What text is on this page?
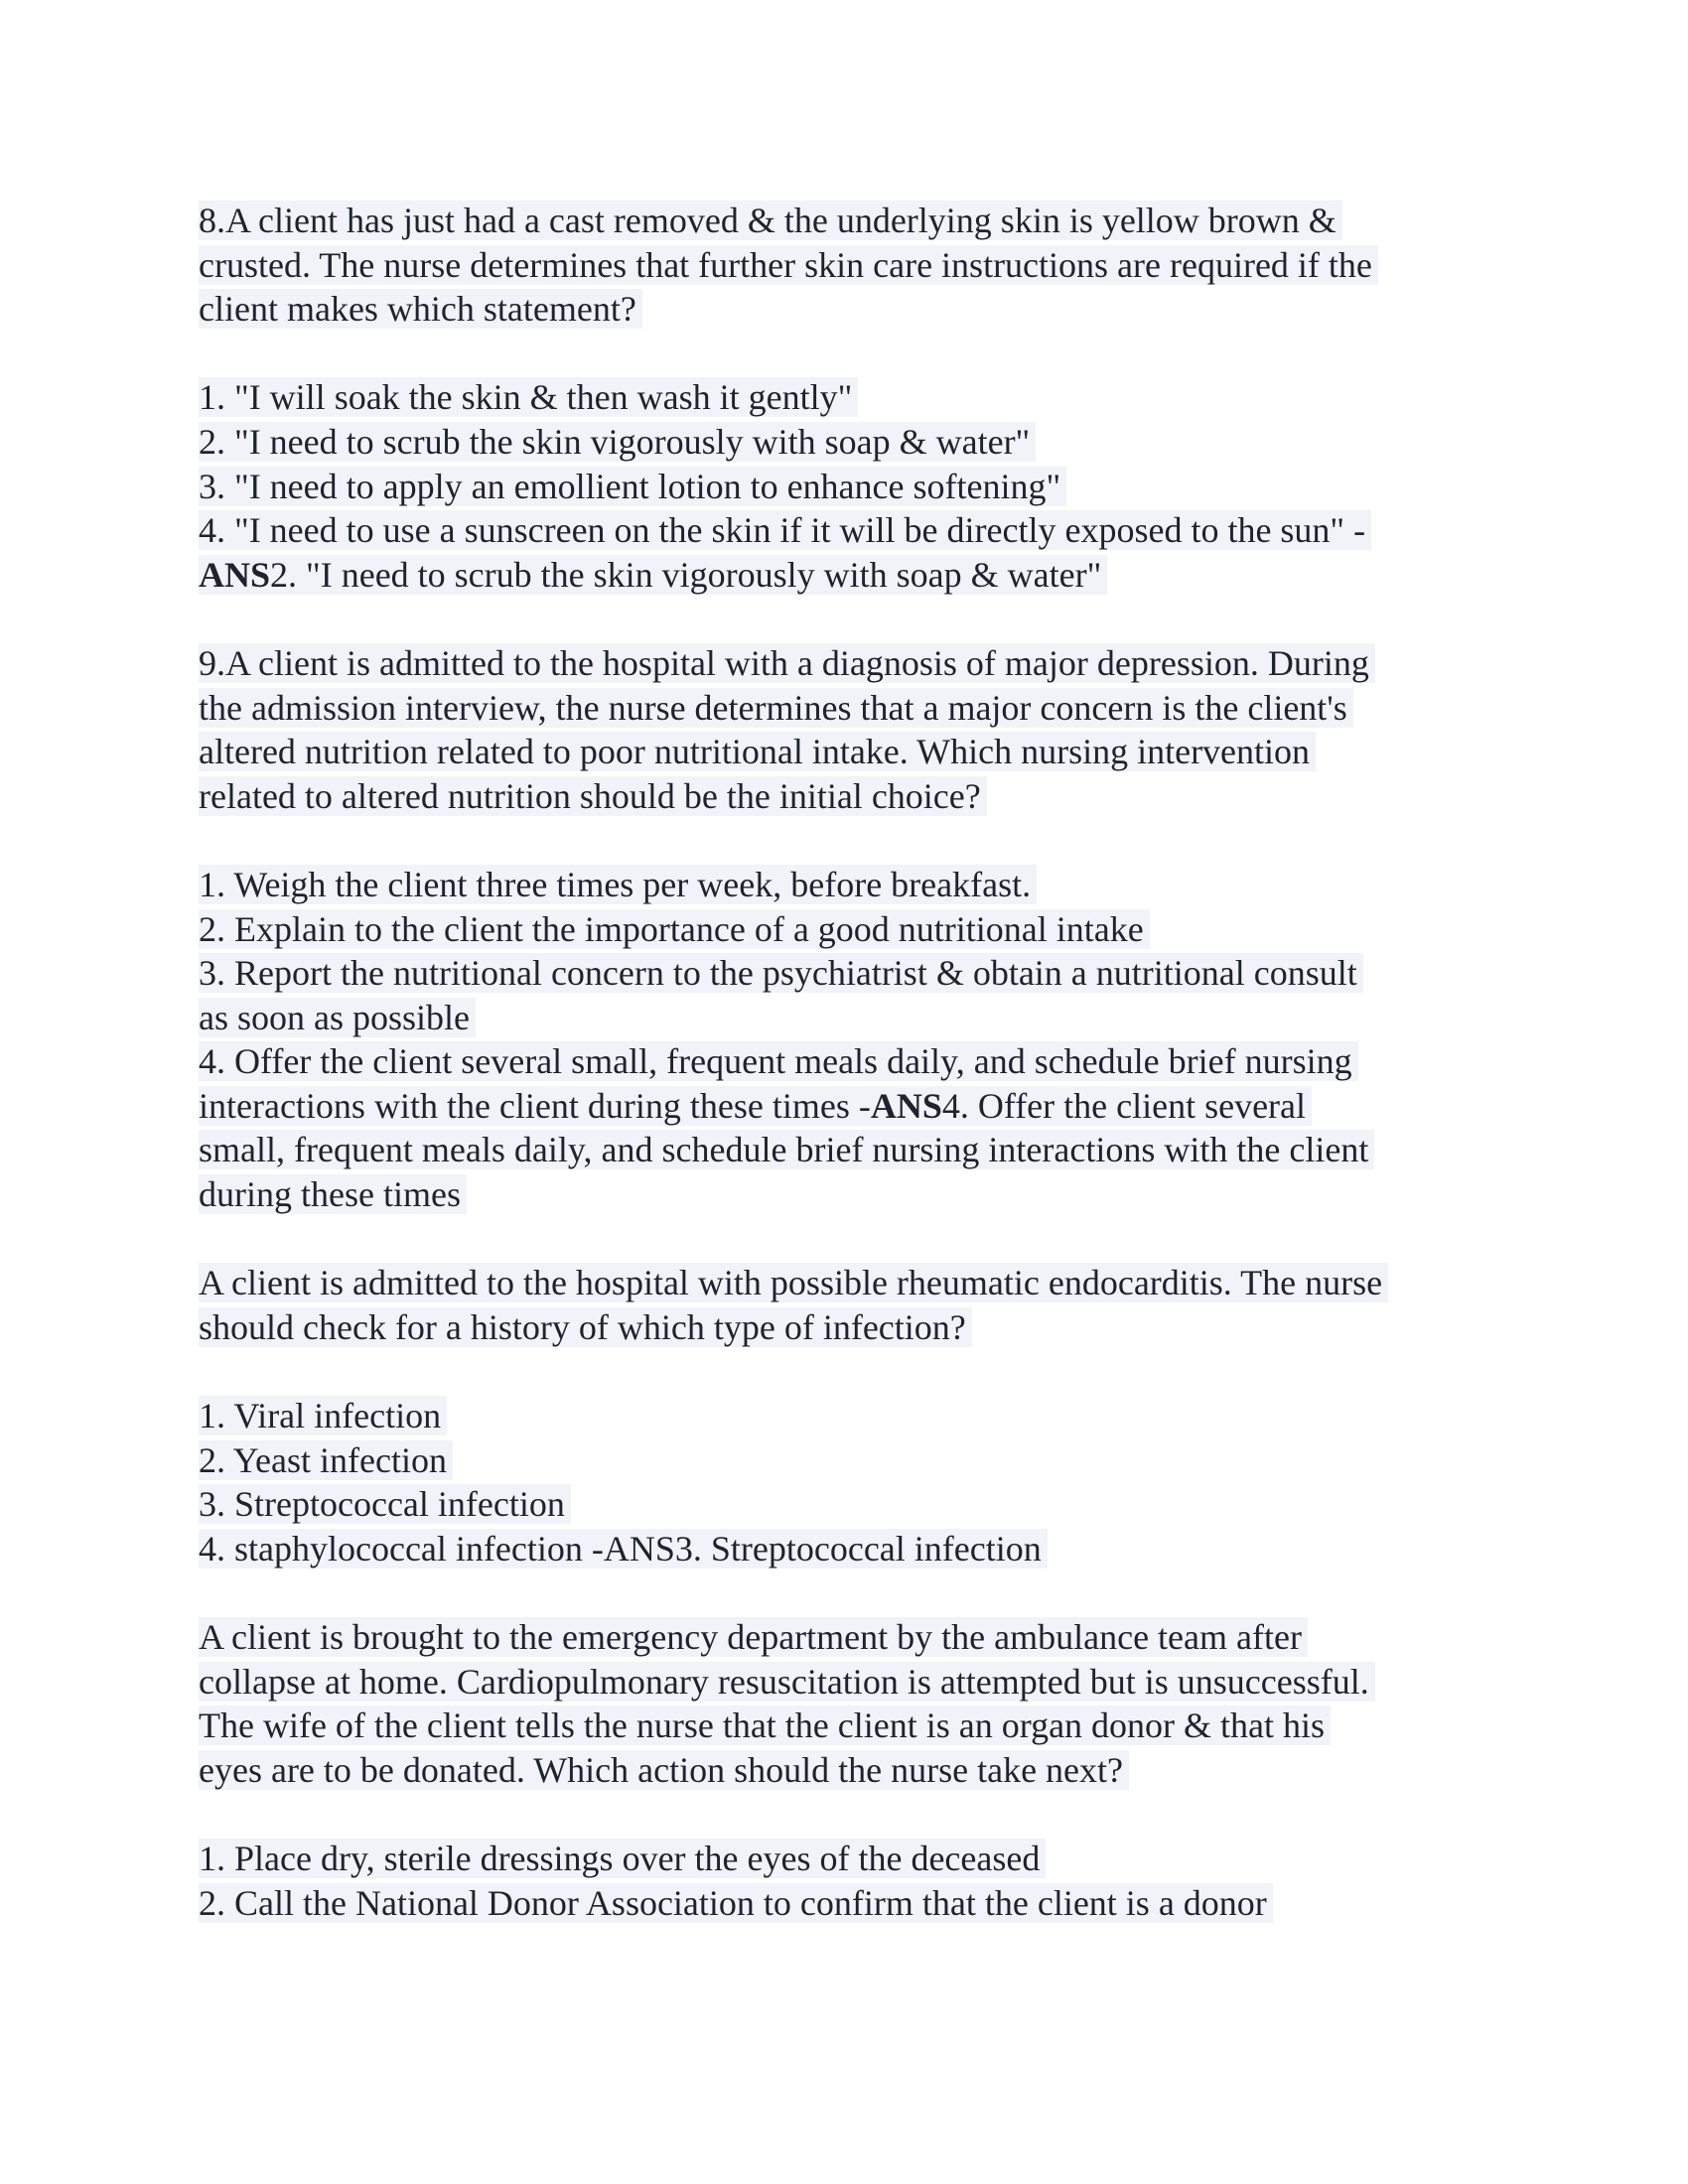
8.A client has just had a cast removed & the underlying skin is yellow brown &
crusted. The nurse determines that further skin care instructions are required if the
client makes which statement?
1. "I will soak the skin & then wash it gently"
2. "I need to scrub the skin vigorously with soap & water"
3. "I need to apply an emollient lotion to enhance softening"
4. "I need to use a sunscreen on the skin if it will be directly exposed to the sun" -
ANS2. "I need to scrub the skin vigorously with soap & water"
9.A client is admitted to the hospital with a diagnosis of major depression. During
the admission interview, the nurse determines that a major concern is the client's
altered nutrition related to poor nutritional intake. Which nursing intervention
related to altered nutrition should be the initial choice?
1. Weigh the client three times per week, before breakfast.
2. Explain to the client the importance of a good nutritional intake
3. Report the nutritional concern to the psychiatrist & obtain a nutritional consult
as soon as possible
4. Offer the client several small, frequent meals daily, and schedule brief nursing
interactions with the client during these times -ANS4. Offer the client several
small, frequent meals daily, and schedule brief nursing interactions with the client
during these times
A client is admitted to the hospital with possible rheumatic endocarditis. The nurse
should check for a history of which type of infection?
1. Viral infection
2. Yeast infection
3. Streptococcal infection
4. staphylococcal infection -ANS3. Streptococcal infection
A client is brought to the emergency department by the ambulance team after
collapse at home. Cardiopulmonary resuscitation is attempted but is unsuccessful.
The wife of the client tells the nurse that the client is an organ donor & that his
eyes are to be donated. Which action should the nurse take next?
1. Place dry, sterile dressings over the eyes of the deceased
2. Call the National Donor Association to confirm that the client is a donor
